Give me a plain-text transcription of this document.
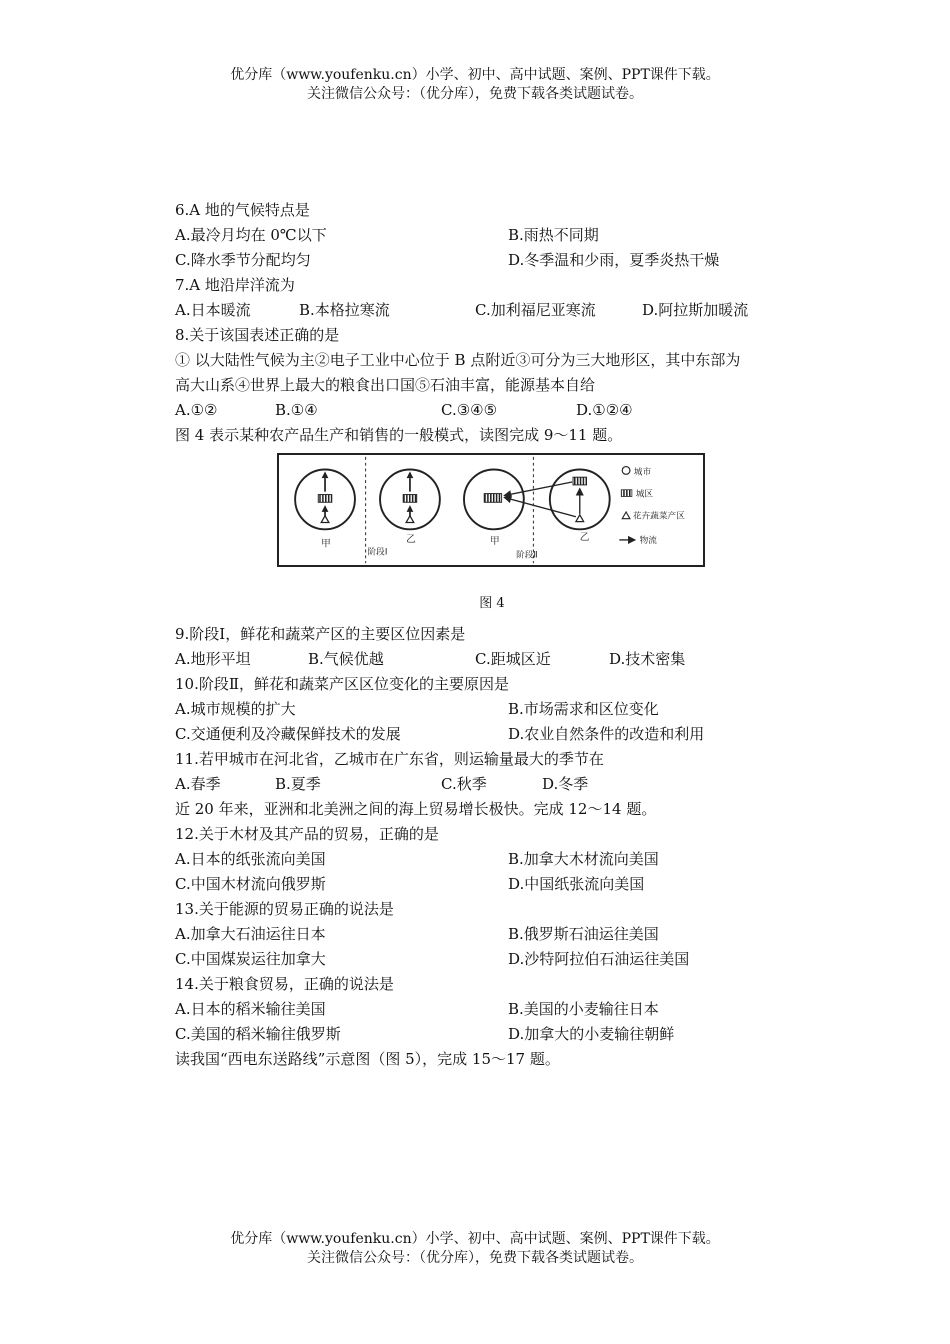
优分库（www.youfenku.cn）小学、初中、高中试题、案例、PPT课件下载。
关注微信公众号：（优分库），免费下载各类试题试卷。
6.A 地的气候特点是
A.最冷月均在 0℃以下	B.雨热不同期
C.降水季节分配均匀	D.冬季温和少雨，夏季炎热干燥
7.A 地沿岸洋流为
A.日本暖流	B.本格拉寒流	C.加利福尼亚寒流	D.阿拉斯加暖流
8.关于该国表述正确的是
① 以大陆性气候为主②电子工业中心位于 B 点附近③可分为三大地形区，其中东部为
高大山系④世界上最大的粮食出口国⑤石油丰富，能源基本自给
A.①②	B.①④	C.③④⑤	D.①②④
图 4 表示某种农产品生产和销售的一般模式，读图完成 9～11 题。
甲	乙	甲	乙
阶段Ⅰ	阶段Ⅱ
城市
城区
花卉蔬菜产区
物流
图 4
9.阶段Ⅰ，鲜花和蔬菜产区的主要区位因素是
A.地形平坦	B.气候优越	C.距城区近	D.技术密集
10.阶段Ⅱ，鲜花和蔬菜产区区位变化的主要原因是
A.城市规模的扩大	B.市场需求和区位变化
C.交通便利及冷藏保鲜技术的发展	D.农业自然条件的改造和利用
11.若甲城市在河北省，乙城市在广东省，则运输量最大的季节在
A.春季	B.夏季	C.秋季	D.冬季
近 20 年来，亚洲和北美洲之间的海上贸易增长极快。完成 12～14 题。
12.关于木材及其产品的贸易，正确的是
A.日本的纸张流向美国	B.加拿大木材流向美国
C.中国木材流向俄罗斯	D.中国纸张流向美国
13.关于能源的贸易正确的说法是
A.加拿大石油运往日本	B.俄罗斯石油运往美国
C.中国煤炭运往加拿大	D.沙特阿拉伯石油运往美国
14.关于粮食贸易，正确的说法是
A.日本的稻米输往美国	B.美国的小麦输往日本
C.美国的稻米输往俄罗斯	D.加拿大的小麦输往朝鲜
读我国“西电东送路线”示意图（图 5），完成 15～17 题。
优分库（www.youfenku.cn）小学、初中、高中试题、案例、PPT课件下载。
关注微信公众号：（优分库），免费下载各类试题试卷。
